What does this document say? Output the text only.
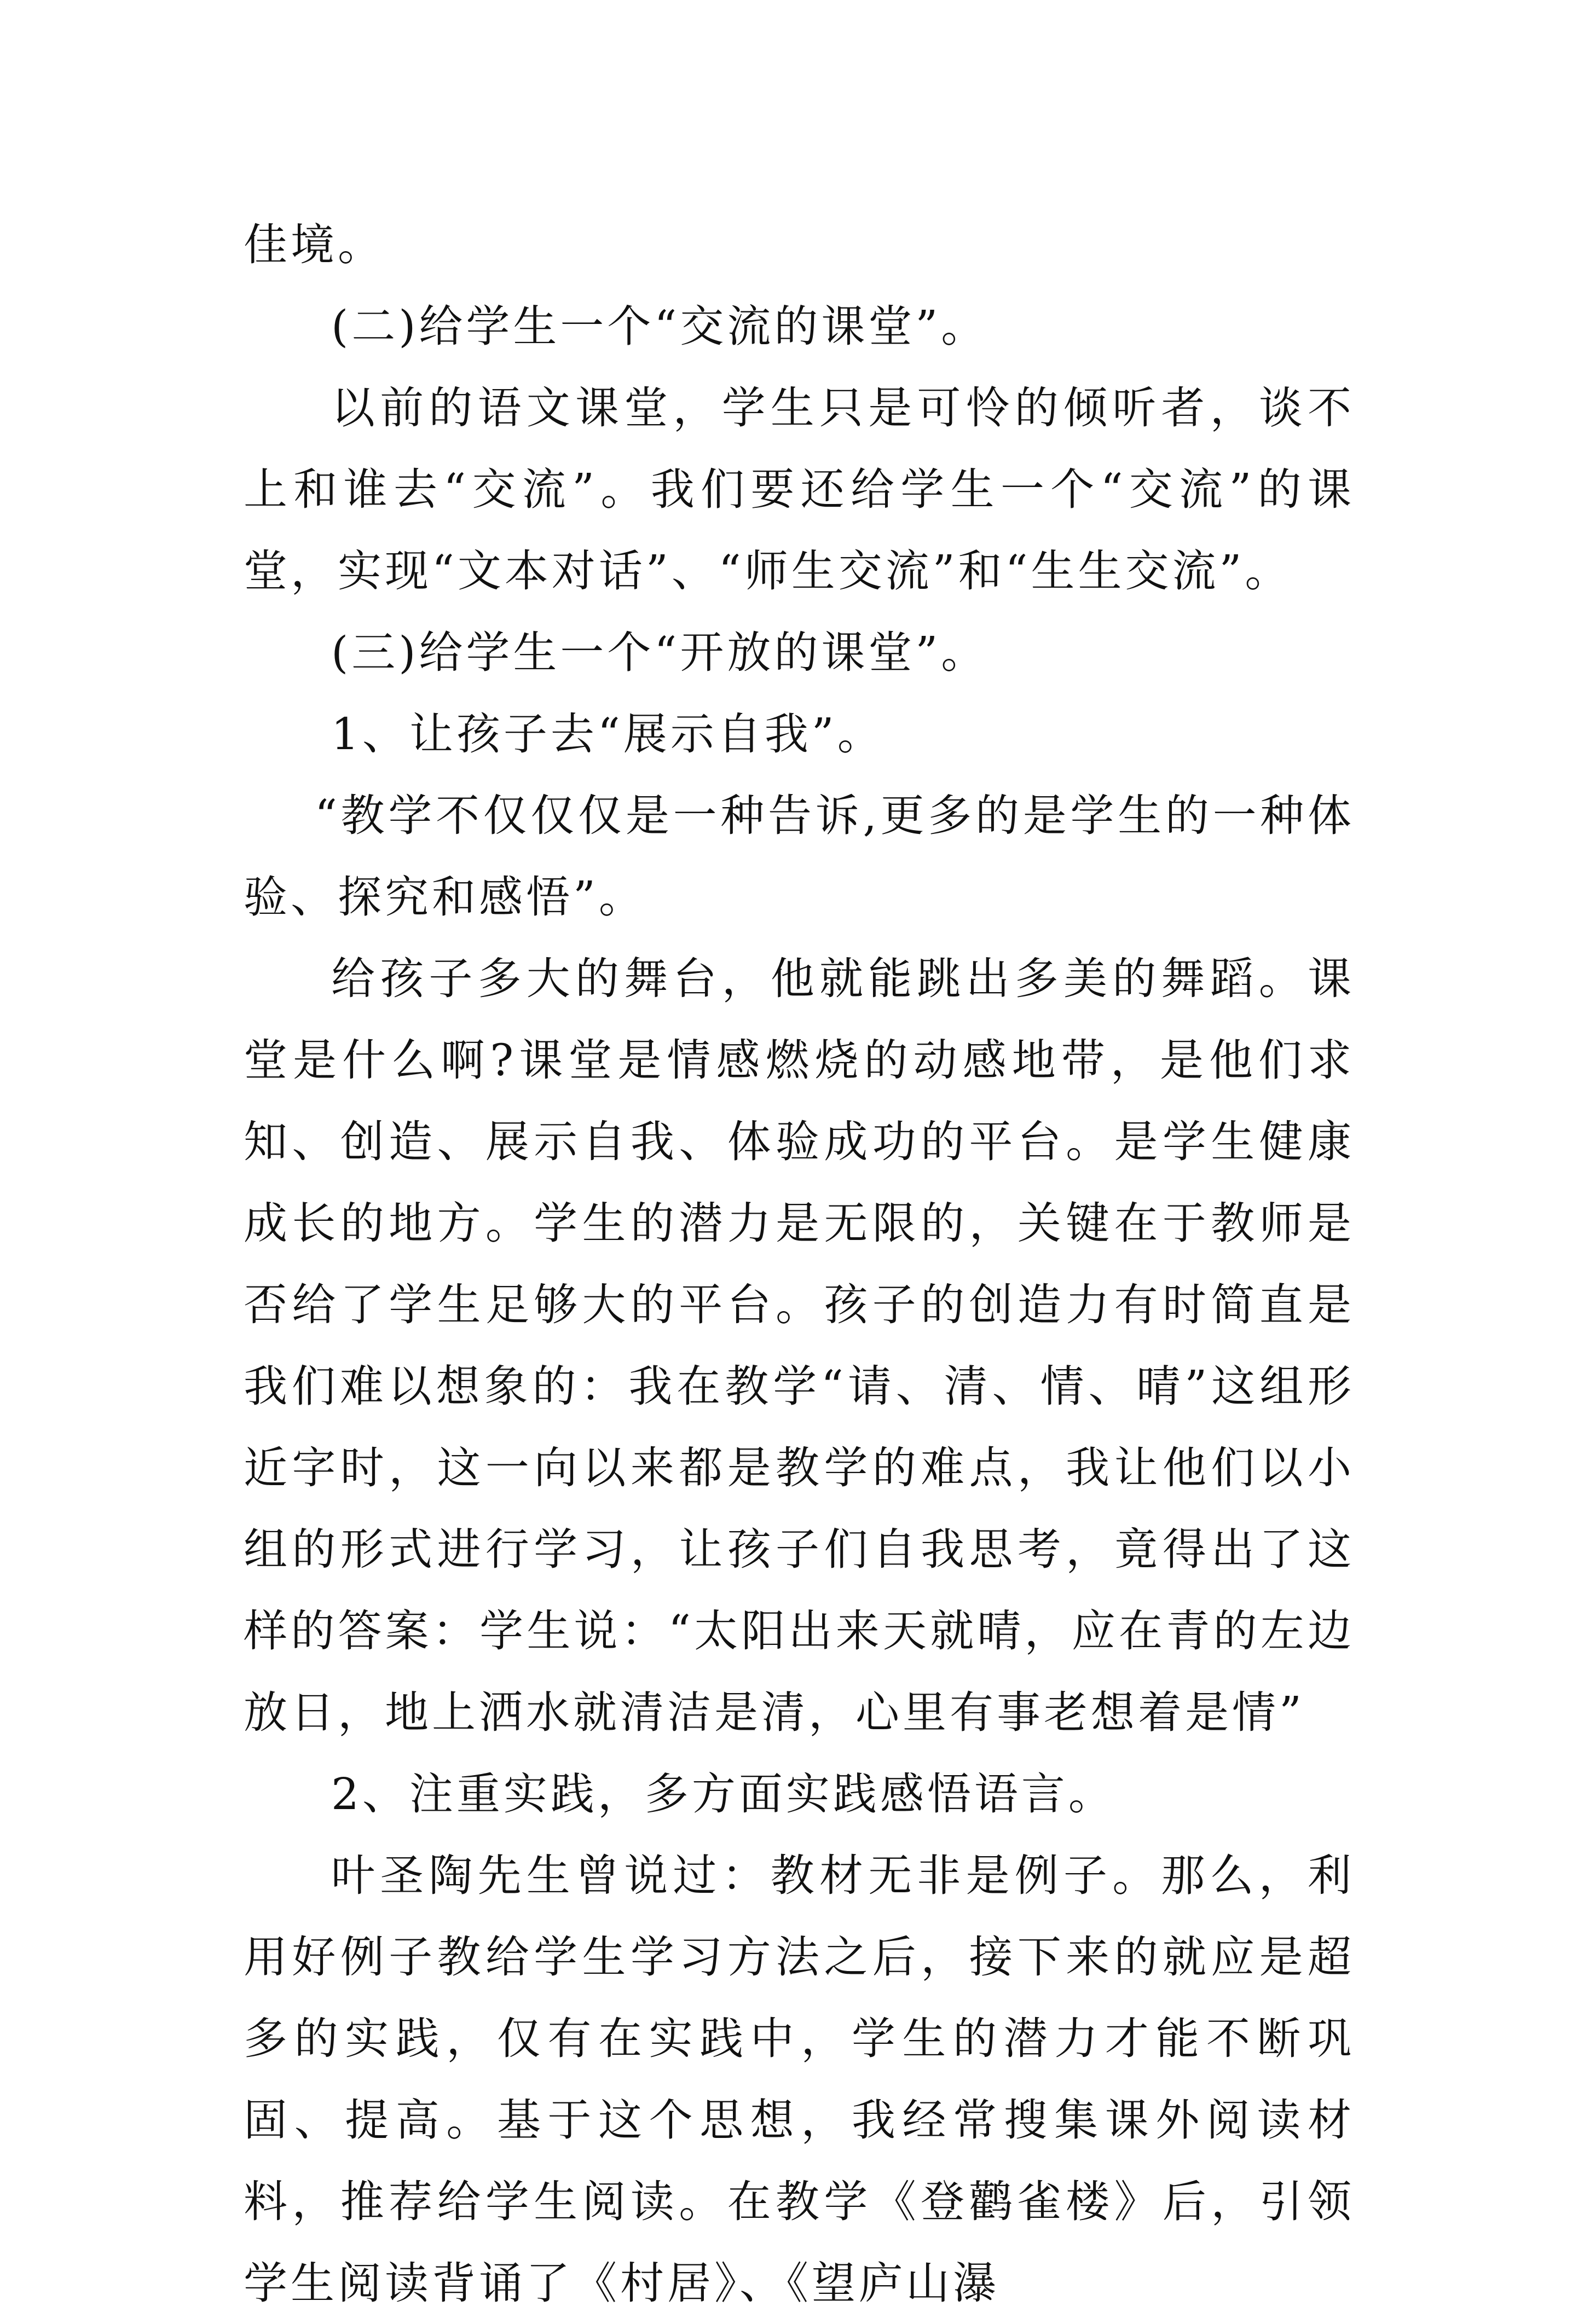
佳境。

(二)给学生一个“交流的课堂”。

以前的语文课堂，学生只是可怜的倾听者，谈不上和谁去“交流”。我们要还给学生一个“交流”的课堂，实现“文本对话”、“师生交流”和“生生交流”。

(三)给学生一个“开放的课堂”。

1、让孩子去“展示自我”。

“教学不仅仅仅是一种告诉,更多的是学生的一种体验、探究和感悟”。

给孩子多大的舞台，他就能跳出多美的舞蹈。课堂是什么啊?课堂是情感燃烧的动感地带，是他们求知、创造、展示自我、体验成功的平台。是学生健康成长的地方。学生的潜力是无限的，关键在于教师是否给了学生足够大的平台。孩子的创造力有时简直是我们难以想象的：我在教学“请、清、情、晴”这组形近字时，这一向以来都是教学的难点，我让他们以小组的形式进行学习，让孩子们自我思考，竟得出了这样的答案：学生说：“太阳出来天就晴，应在青的左边放日，地上洒水就清洁是清，心里有事老想着是情”

2、注重实践，多方面实践感悟语言。

叶圣陶先生曾说过：教材无非是例子。那么，利用好例子教给学生学习方法之后，接下来的就应是超多的实践，仅有在实践中，学生的潜力才能不断巩固、提高。基于这个思想，我经常搜集课外阅读材料，推荐给学生阅读。在教学《登鹳雀楼》后，引领学生阅读背诵了《村居》、《望庐山瀑
